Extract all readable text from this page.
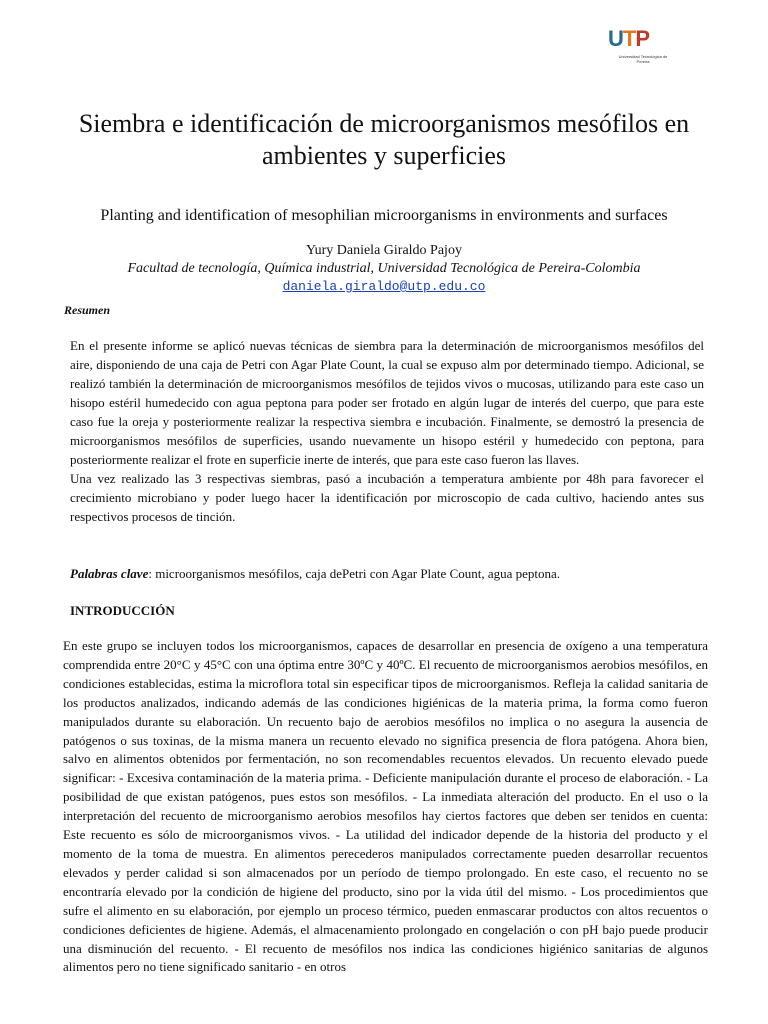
UTP
Universidad Tecnológica de Pereira
Siembra e identificación de microorganismos mesófilos en ambientes y superficies
Planting and identification of mesophilian microorganisms in environments and surfaces
Yury Daniela Giraldo Pajoy
Facultad de tecnología, Química industrial, Universidad Tecnológica de Pereira-Colombia
daniela.giraldo@utp.edu.co
Resumen

En el presente informe se aplicó nuevas técnicas de siembra para la determinación de microorganismos mesófilos del aire, disponiendo de una caja de Petri con Agar Plate Count, la cual se expuso alm por determinado tiempo. Adicional, se realizó también la determinación de microorganismos mesófilos de tejidos vivos o mucosas, utilizando para este caso un hisopo estéril humedecido con agua peptona para poder ser frotado en algún lugar de interés del cuerpo, que para este caso fue la oreja y posteriormente realizar la respectiva siembra e incubación. Finalmente, se demostró la presencia de microorganismos mesófilos de superficies, usando nuevamente un hisopo estéril y humedecido con peptona, para posteriormente realizar el frote en superficie inerte de interés, que para este caso fueron las llaves.

Una vez realizado las 3 respectivas siembras, pasó a incubación a temperatura ambiente por 48h para favorecer el crecimiento microbiano y poder luego hacer la identificación por microscopio de cada cultivo, haciendo antes sus respectivos procesos de tinción.

Palabras clave: microorganismos mesófilos, caja dePetri con Agar Plate Count, agua peptona.
INTRODUCCIÓN

En este grupo se incluyen todos los microorganismos, capaces de desarrollar en presencia de oxígeno a una temperatura comprendida entre 20°C y 45°C con una óptima entre 30ºC y 40ºC. El recuento de microorganismos aerobios mesófilos, en condiciones establecidas, estima la microflora total sin especificar tipos de microorganismos. Refleja la calidad sanitaria de los productos analizados, indicando además de las condiciones higiénicas de la materia prima, la forma como fueron manipulados durante su elaboración. Un recuento bajo de aerobios mesófilos no implica o no asegura la ausencia de patógenos o sus toxinas, de la misma manera un recuento elevado no significa presencia de flora patógena. Ahora bien, salvo en alimentos obtenidos por fermentación, no son recomendables recuentos elevados. Un recuento elevado puede significar: - Excesiva contaminación de la materia prima. - Deficiente manipulación durante el proceso de elaboración. - La posibilidad de que existan patógenos, pues estos son mesófilos. - La inmediata alteración del producto. En el uso o la interpretación del recuento de microorganismo aerobios mesofilos hay ciertos factores que deben ser tenidos en cuenta: Este recuento es sólo de microorganismos vivos. - La utilidad del indicador depende de la historia del producto y el momento de la toma de muestra. En alimentos perecederos manipulados correctamente pueden desarrollar recuentos elevados y perder calidad si son almacenados por un período de tiempo prolongado. En este caso, el recuento no se encontraría elevado por la condición de higiene del producto, sino por la vida útil del mismo. - Los procedimientos que sufre el alimento en su elaboración, por ejemplo un proceso térmico, pueden enmascarar productos con altos recuentos o condiciones deficientes de higiene. Además, el almacenamiento prolongado en congelación o con pH bajo puede producir una disminución del recuento. - El recuento de mesófilos nos indica las condiciones higiénico sanitarias de algunos alimentos pero no tiene significado sanitario - en otros
